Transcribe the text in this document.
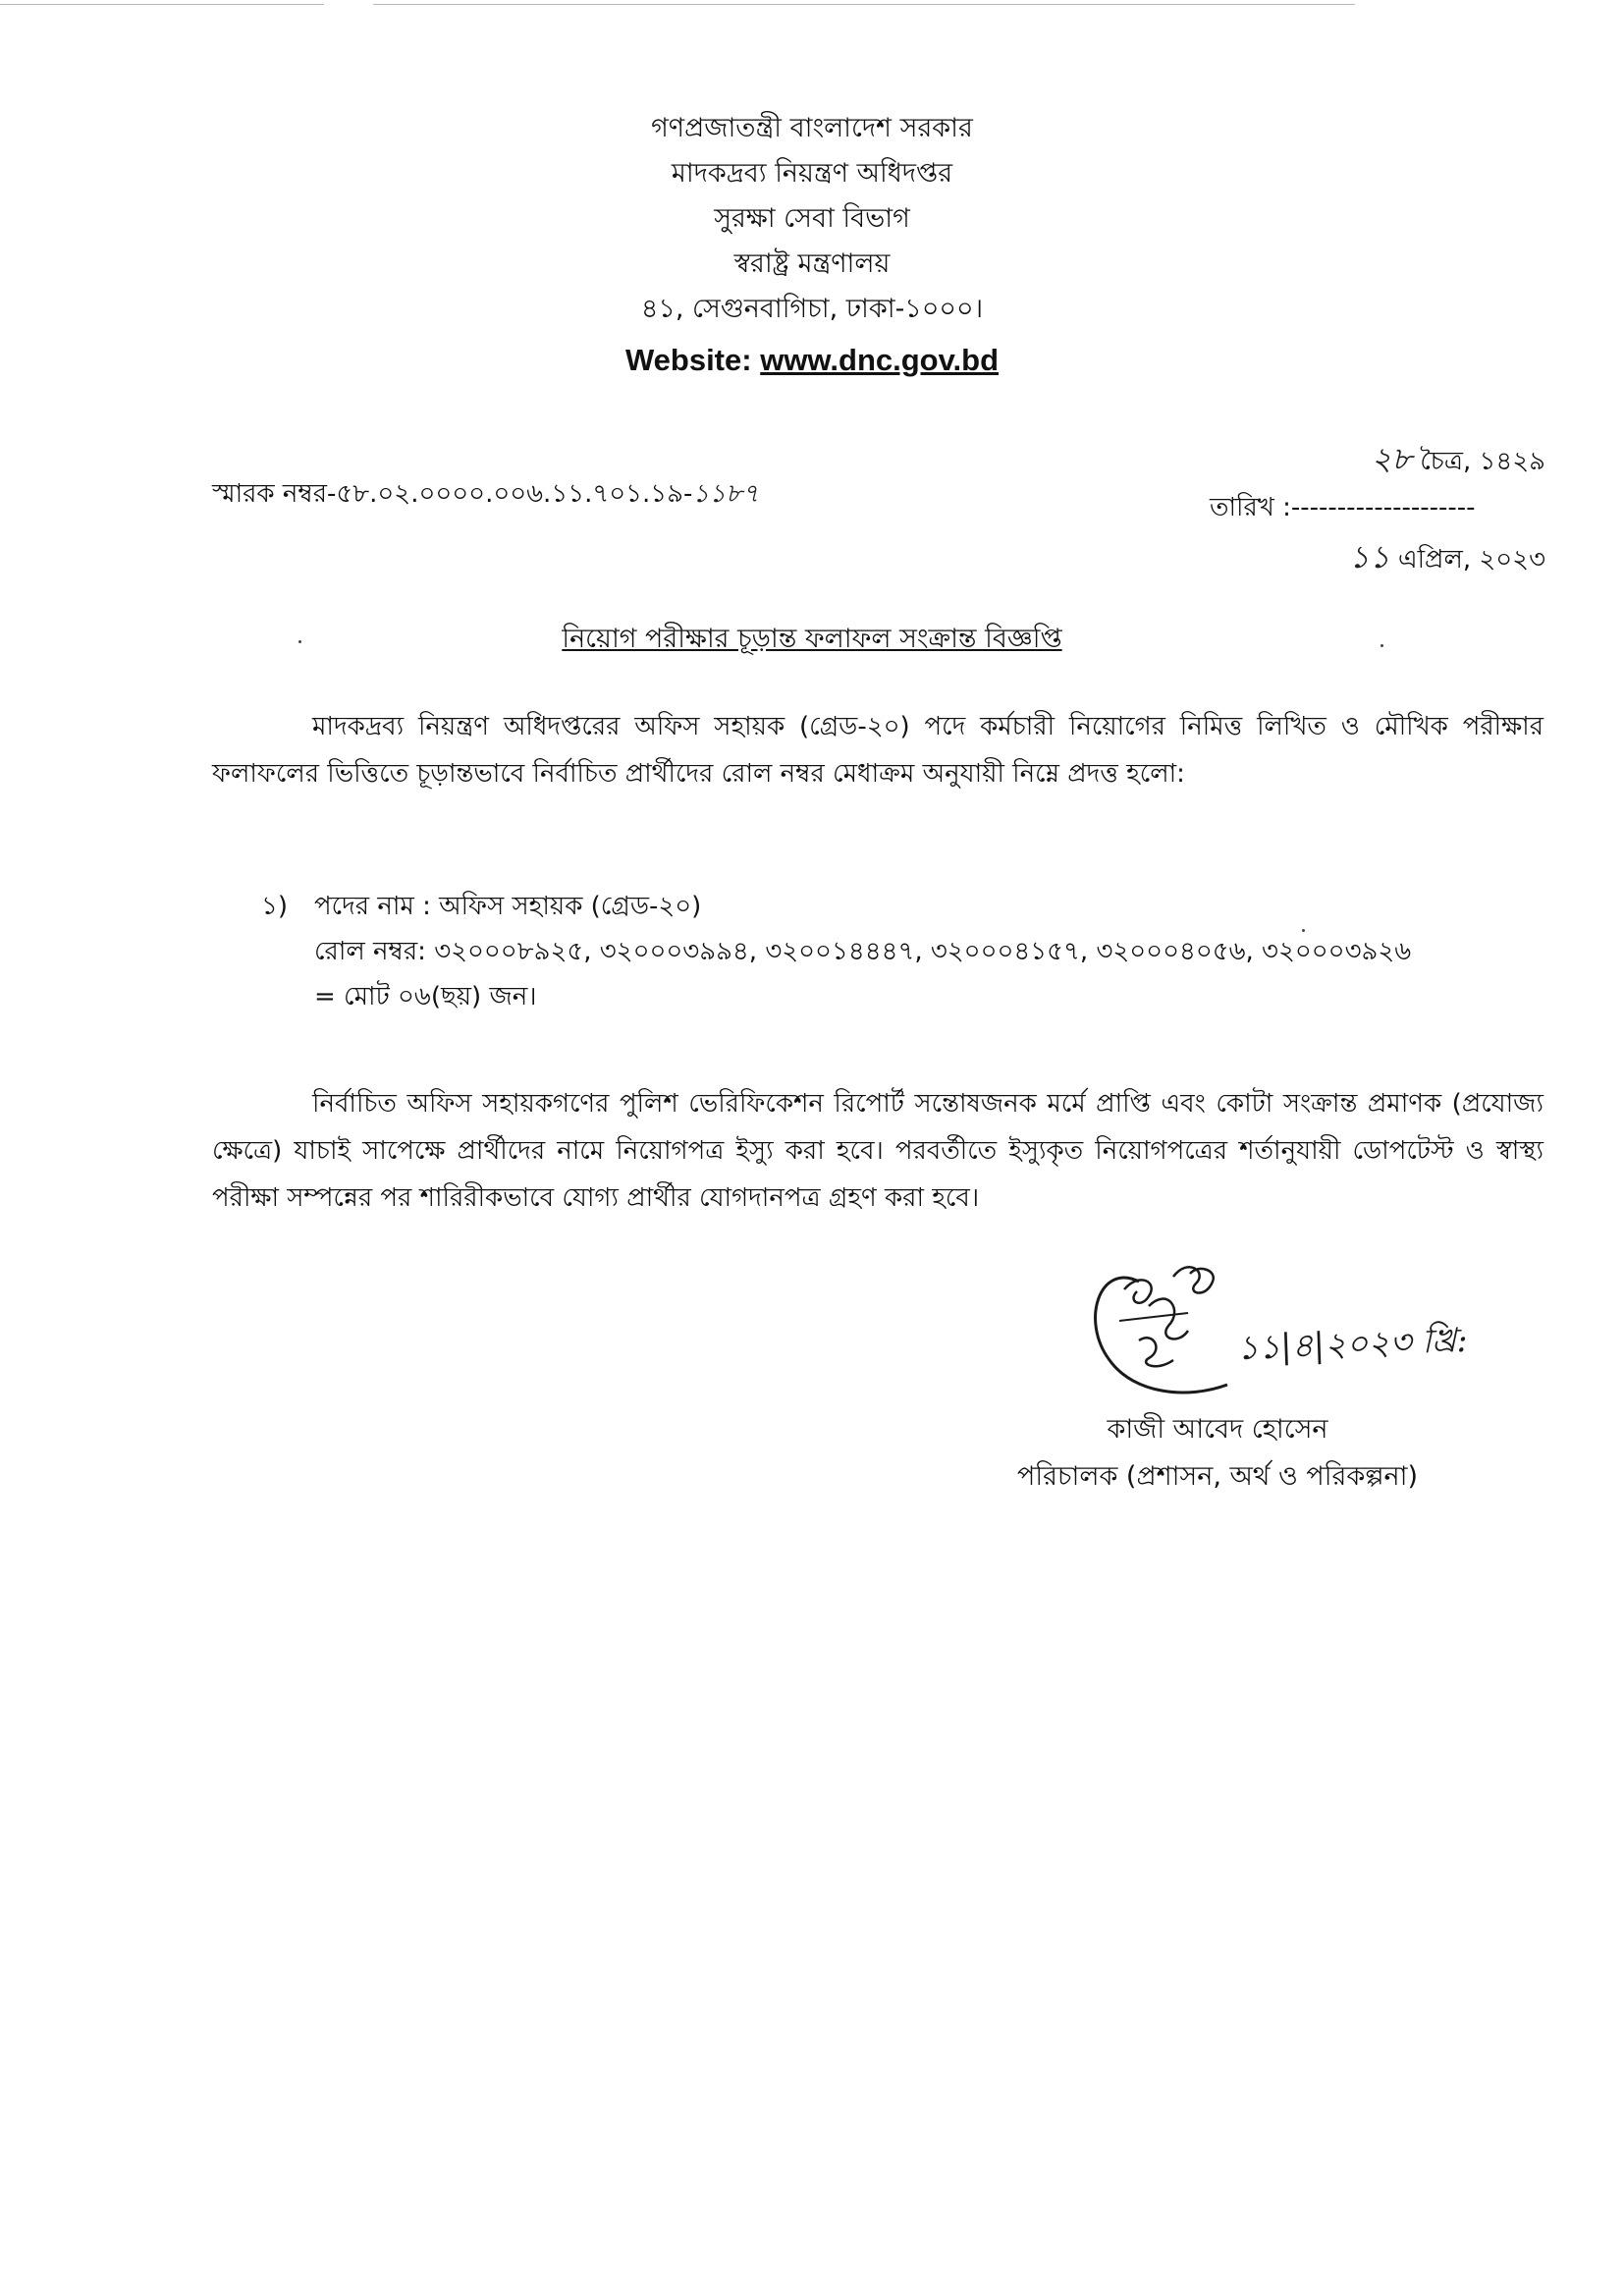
গণপ্রজাতন্ত্রী বাংলাদেশ সরকার
মাদকদ্রব্য নিয়ন্ত্রণ অধিদপ্তর
সুরক্ষা সেবা বিভাগ
স্বরাষ্ট্র মন্ত্রণালয়
৪১, সেগুনবাগিচা, ঢাকা-১০০০।
Website: www.dnc.gov.bd
স্মারক নম্বর-৫৮.০২.০০০০.০০৬.১১.৭০১.১৯-১১৮৭
২৮ চৈত্র, ১৪২৯
তারিখ :--------------------
১১ এপ্রিল, ২০২৩
নিয়োগ পরীক্ষার চূড়ান্ত ফলাফল সংক্রান্ত বিজ্ঞপ্তি
মাদকদ্রব্য নিয়ন্ত্রণ অধিদপ্তরের অফিস সহায়ক (গ্রেড-২০) পদে কর্মচারী নিয়োগের নিমিত্ত লিখিত ও মৌখিক পরীক্ষার ফলাফলের ভিত্তিতে চূড়ান্তভাবে নির্বাচিত প্রার্থীদের রোল নম্বর মেধাক্রম অনুযায়ী নিম্নে প্রদত্ত হলো:
১)	পদের নাম : অফিস সহায়ক (গ্রেড-২০)
রোল নম্বর: ৩২০০০৮৯২৫, ৩২০০০৩৯৯৪, ৩২০০১৪৪৪৭, ৩২০০০৪১৫৭, ৩২০০০৪০৫৬, ৩২০০০৩৯২৬
= মোট ০৬(ছয়) জন।
নির্বাচিত অফিস সহায়কগণের পুলিশ ভেরিফিকেশন রিপোর্ট সন্তোষজনক মর্মে প্রাপ্তি এবং কোটা সংক্রান্ত প্রমাণক (প্রযোজ্য ক্ষেত্রে) যাচাই সাপেক্ষে প্রার্থীদের নামে নিয়োগপত্র ইস্যু করা হবে। পরবর্তীতে ইস্যুকৃত নিয়োগপত্রের শর্তানুযায়ী ডোপটেস্ট ও স্বাস্থ্য পরীক্ষা সম্পন্নের পর শারিরীকভাবে যোগ্য প্রার্থীর যোগদানপত্র গ্রহণ করা হবে।
১১|৪|২০২৩ খ্রি:
কাজী আবেদ হোসেন
পরিচালক (প্রশাসন, অর্থ ও পরিকল্পনা)
